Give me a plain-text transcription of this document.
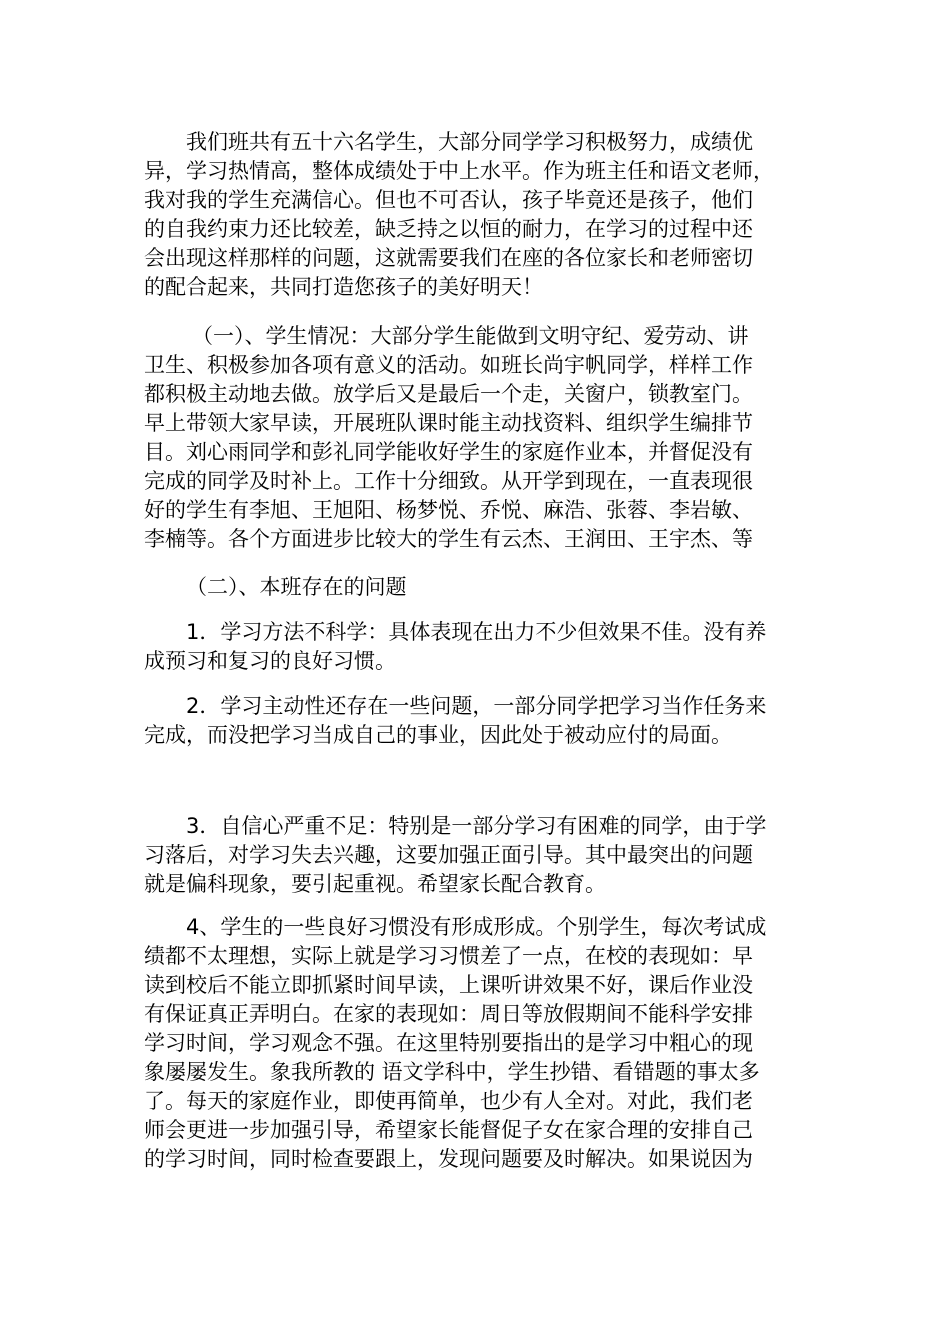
我们班共有五十六名学生，大部分同学学习积极努力，成绩优
异，学习热情高，整体成绩处于中上水平。作为班主任和语文老师，
我对我的学生充满信心。但也不可否认，孩子毕竟还是孩子，他们
的自我约束力还比较差，缺乏持之以恒的耐力，在学习的过程中还
会出现这样那样的问题，这就需要我们在座的各位家长和老师密切
的配合起来，共同打造您孩子的美好明天！
（一）、学生情况：大部分学生能做到文明守纪、爱劳动、讲
卫生、积极参加各项有意义的活动。如班长尚宇帆同学，样样工作
都积极主动地去做。放学后又是最后一个走，关窗户，锁教室门。
早上带领大家早读，开展班队课时能主动找资料、组织学生编排节
目。刘心雨同学和彭礼同学能收好学生的家庭作业本，并督促没有
完成的同学及时补上。工作十分细致。从开学到现在，一直表现很
好的学生有李旭、王旭阳、杨梦悦、乔悦、麻浩、张蓉、李岩敏、
李楠等。各个方面进步比较大的学生有云杰、王润田、王宇杰、等
（二）、本班存在的问题
1．学习方法不科学：具体表现在出力不少但效果不佳。没有养
成预习和复习的良好习惯。
2．学习主动性还存在一些问题，一部分同学把学习当作任务来
完成，而没把学习当成自己的事业，因此处于被动应付的局面。
3．自信心严重不足：特别是一部分学习有困难的同学，由于学
习落后，对学习失去兴趣，这要加强正面引导。其中最突出的问题
就是偏科现象，要引起重视。希望家长配合教育。
4、学生的一些良好习惯没有形成形成。个别学生，每次考试成
绩都不太理想，实际上就是学习习惯差了一点，在校的表现如：早
读到校后不能立即抓紧时间早读，上课听讲效果不好，课后作业没
有保证真正弄明白。在家的表现如：周日等放假期间不能科学安排
学习时间，学习观念不强。在这里特别要指出的是学习中粗心的现
象屡屡发生。象我所教的 语文学科中，学生抄错、看错题的事太多
了。每天的家庭作业，即使再简单，也少有人全对。对此，我们老
师会更进一步加强引导，希望家长能督促子女在家合理的安排自己
的学习时间，同时检查要跟上，发现问题要及时解决。如果说因为
